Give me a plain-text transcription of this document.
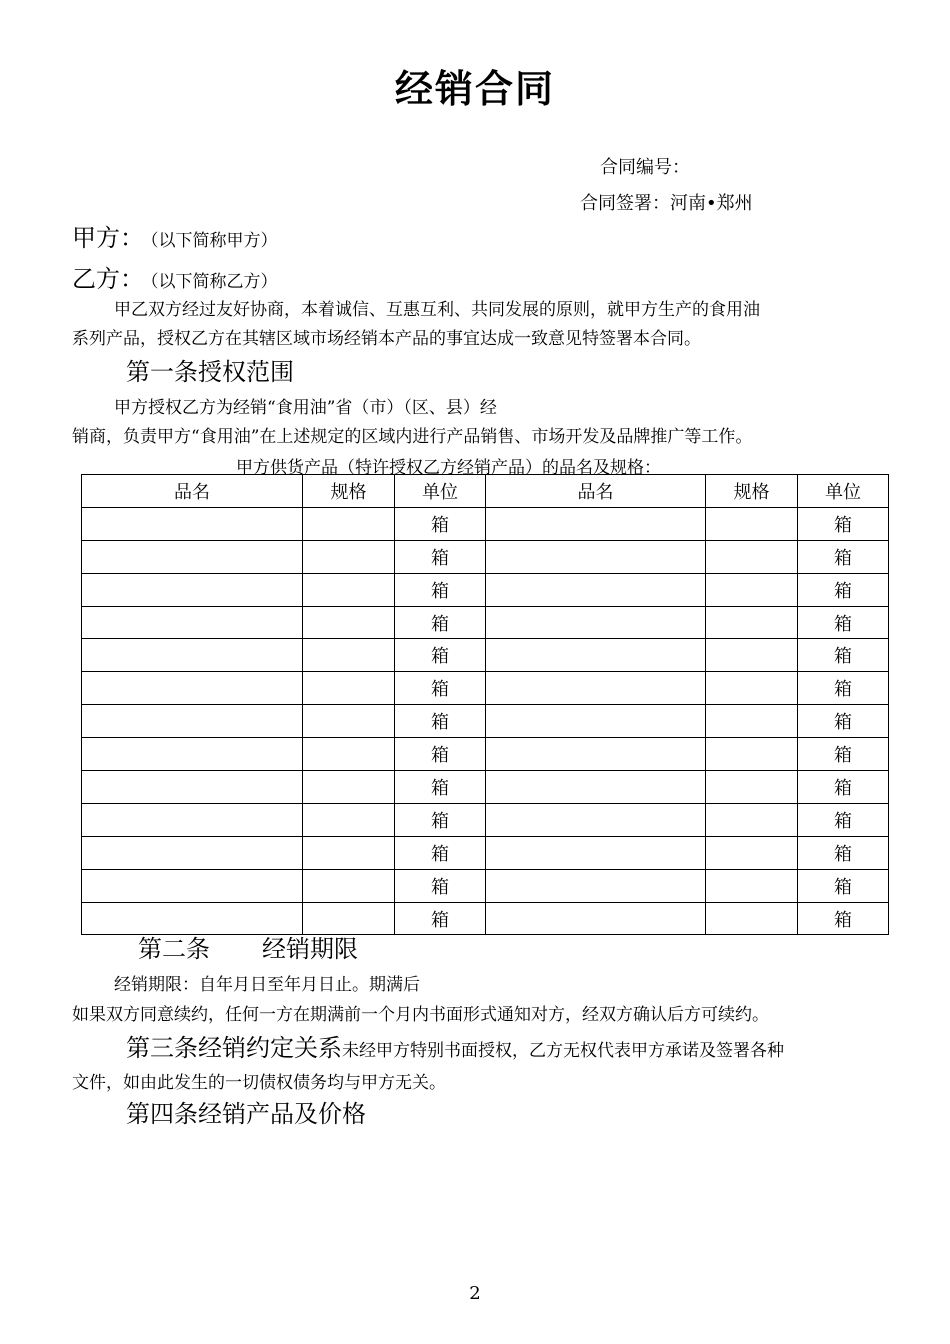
经销合同
合同编号：
合同签署：河南•郑州
甲方： （以下简称甲方）
乙方： （以下简称乙方）
甲乙双方经过友好协商，本着诚信、互惠互利、共同发展的原则，就甲方生产的食用油
系列产品，授权乙方在其辖区域市场经销本产品的事宜达成一致意见特签署本合同。
第一条授权范围
甲方授权乙方为经销“食用油”省（市）（区、县）经
销商，负责甲方“食用油”在上述规定的区域内进行产品销售、市场开发及品牌推广等工作。
甲方供货产品（特许授权乙方经销产品）的品名及规格：
品名	规格	单位	品名	规格	单位
		箱			箱
		箱			箱
		箱			箱
		箱			箱
		箱			箱
		箱			箱
		箱			箱
		箱			箱
		箱			箱
		箱			箱
		箱			箱
		箱			箱
		箱			箱
第二条 经销期限
经销期限：自年月日至年月日止。期满后
如果双方同意续约，任何一方在期满前一个月内书面形式通知对方，经双方确认后方可续约。
第三条经销约定关系未经甲方特别书面授权，乙方无权代表甲方承诺及签署各种
文件，如由此发生的一切债权债务均与甲方无关。
第四条经销产品及价格
2
